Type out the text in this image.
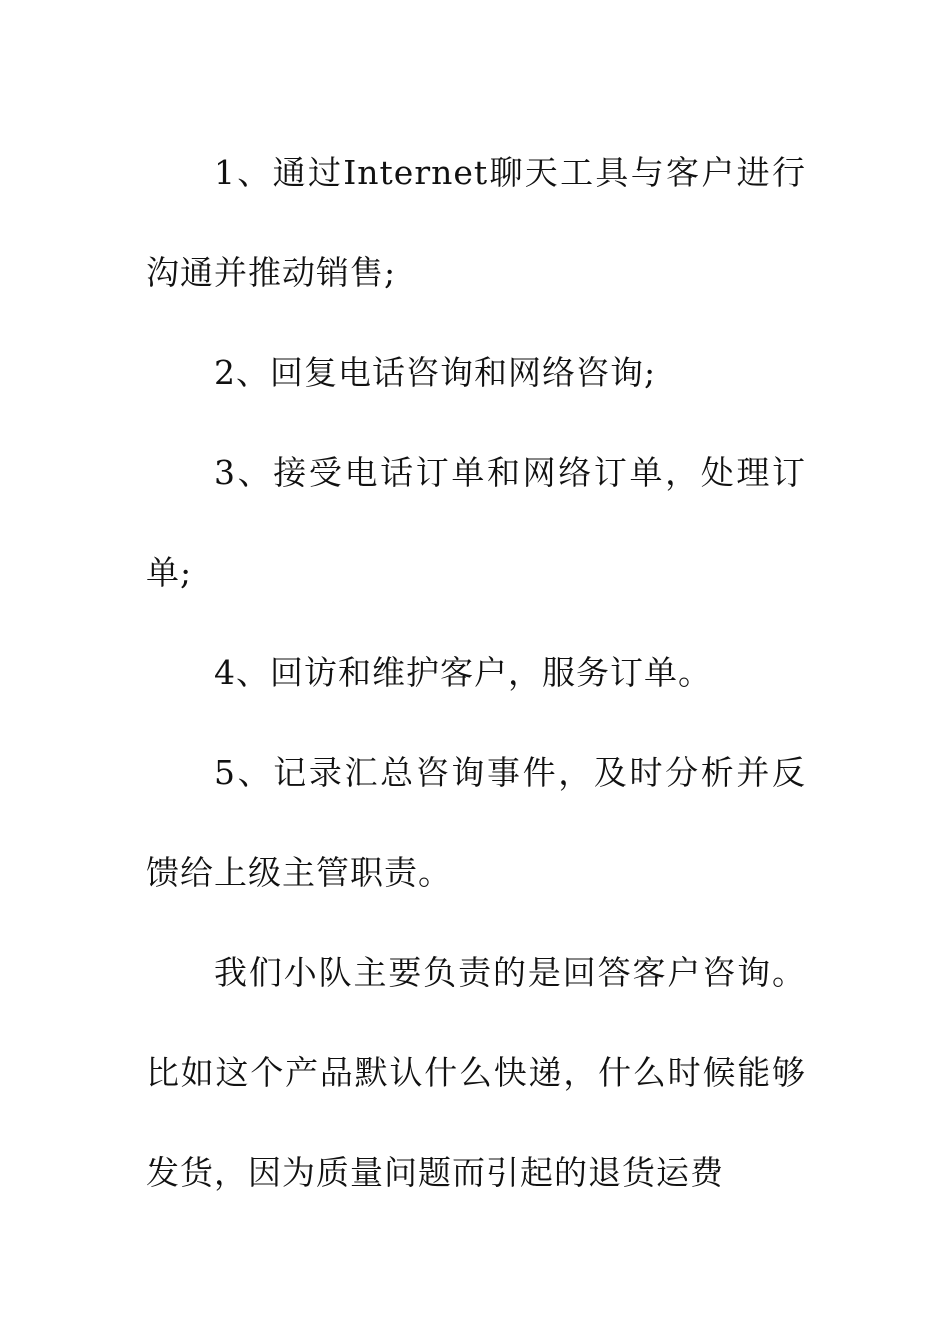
1、通过Internet聊天工具与客户进行沟通并推动销售;

2、回复电话咨询和网络咨询;

3、接受电话订单和网络订单，处理订单;

4、回访和维护客户，服务订单。

5、记录汇总咨询事件，及时分析并反馈给上级主管职责。

我们小队主要负责的是回答客户咨询。比如这个产品默认什么快递，什么时候能够发货，因为质量问题而引起的退货运费
